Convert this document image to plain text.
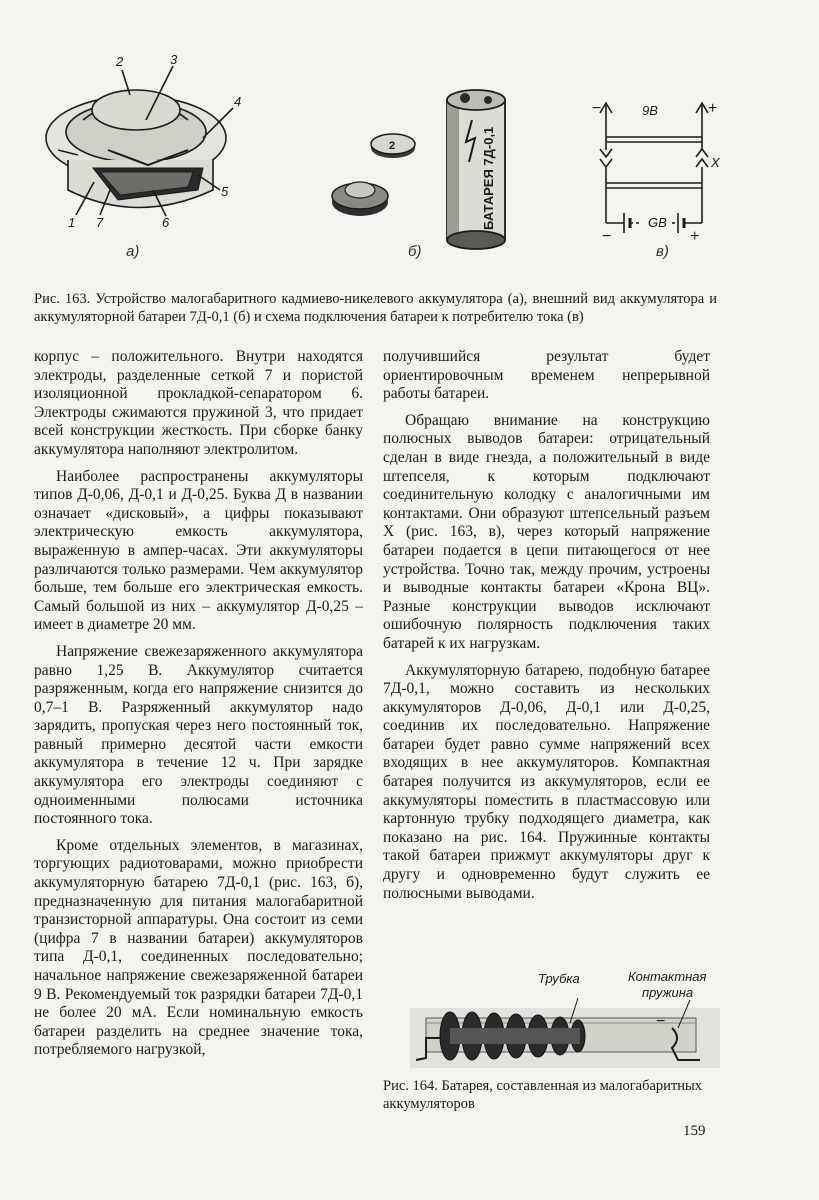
2	3
4
5
1 7	6
а)
2	БАТАРЕЯ 7Д-0,1
б)
9В
X
GB
−	+
−	+
в)
Рис. 163. Устройство малогабаритного кадмиево-никелевого аккумулятора (а), внешний вид аккумулятора и аккумуляторной батареи 7Д-0,1 (б) и схема подключения батареи к потребителю тока (в)

корпус – положительного. Внутри находятся электроды, разделенные сеткой 7 и пористой изоляционной прокладкой-сепаратором 6. Электроды сжимаются пружиной 3, что придает всей конструкции жесткость. При сборке банку аккумулятора наполняют электролитом.

Наиболее распространены аккумуляторы типов Д-0,06, Д-0,1 и Д-0,25. Буква Д в названии означает «дисковый», а цифры показывают электрическую емкость аккумулятора, выраженную в ампер-часах. Эти аккумуляторы различаются только размерами. Чем аккумулятор больше, тем больше его электрическая емкость. Самый большой из них – аккумулятор Д-0,25 – имеет в диаметре 20 мм.

Напряжение свежезаряженного аккумулятора равно 1,25 В. Аккумулятор считается разряженным, когда его напряжение снизится до 0,7–1 В. Разряженный аккумулятор надо зарядить, пропуская через него постоянный ток, равный примерно десятой части емкости аккумулятора в течение 12 ч. При зарядке аккумулятора его электроды соединяют с одноименными полюсами источника постоянного тока.

Кроме отдельных элементов, в магазинах, торгующих радиотоварами, можно приобрести аккумуляторную батарею 7Д-0,1 (рис. 163, б), предназначенную для питания малогабаритной транзисторной аппаратуры. Она состоит из семи (цифра 7 в названии батареи) аккумуляторов типа Д-0,1, соединенных последовательно; начальное напряжение свежезаряженной батареи 9 В. Рекомендуемый ток разрядки батареи 7Д-0,1 не более 20 мА. Если номинальную емкость батареи разделить на среднее значение тока, потребляемого нагрузкой,

получившийся результат будет ориентировочным временем непрерывной работы батареи.

Обращаю внимание на конструкцию полюсных выводов батареи: отрицательный сделан в виде гнезда, а положительный в виде штепселя, к которым подключают соединительную колодку с аналогичными им контактами. Они образуют штепсельный разъем X (рис. 163, в), через который напряжение батареи подается в цепи питающегося от нее устройства. Точно так, между прочим, устроены и выводные контакты батареи «Крона ВЦ». Разные конструкции выводов исключают ошибочную полярность подключения таких батарей к их нагрузкам.

Аккумуляторную батарею, подобную батарее 7Д-0,1, можно составить из нескольких аккумуляторов Д-0,06, Д-0,1 или Д-0,25, соединив их последовательно. Напряжение батареи будет равно сумме напряжений всех входящих в нее аккумуляторов. Компактная батарея получится из аккумуляторов, если ее аккумуляторы поместить в пластмассовую или картонную трубку подходящего диаметра, как показано на рис. 164. Пружинные контакты такой батареи прижмут аккумуляторы друг к другу и одновременно будут служить ее полюсными выводами.

Трубка	Контактная
пружина
−
Рис. 164. Батарея, составленная из малогабаритных аккумуляторов
159
